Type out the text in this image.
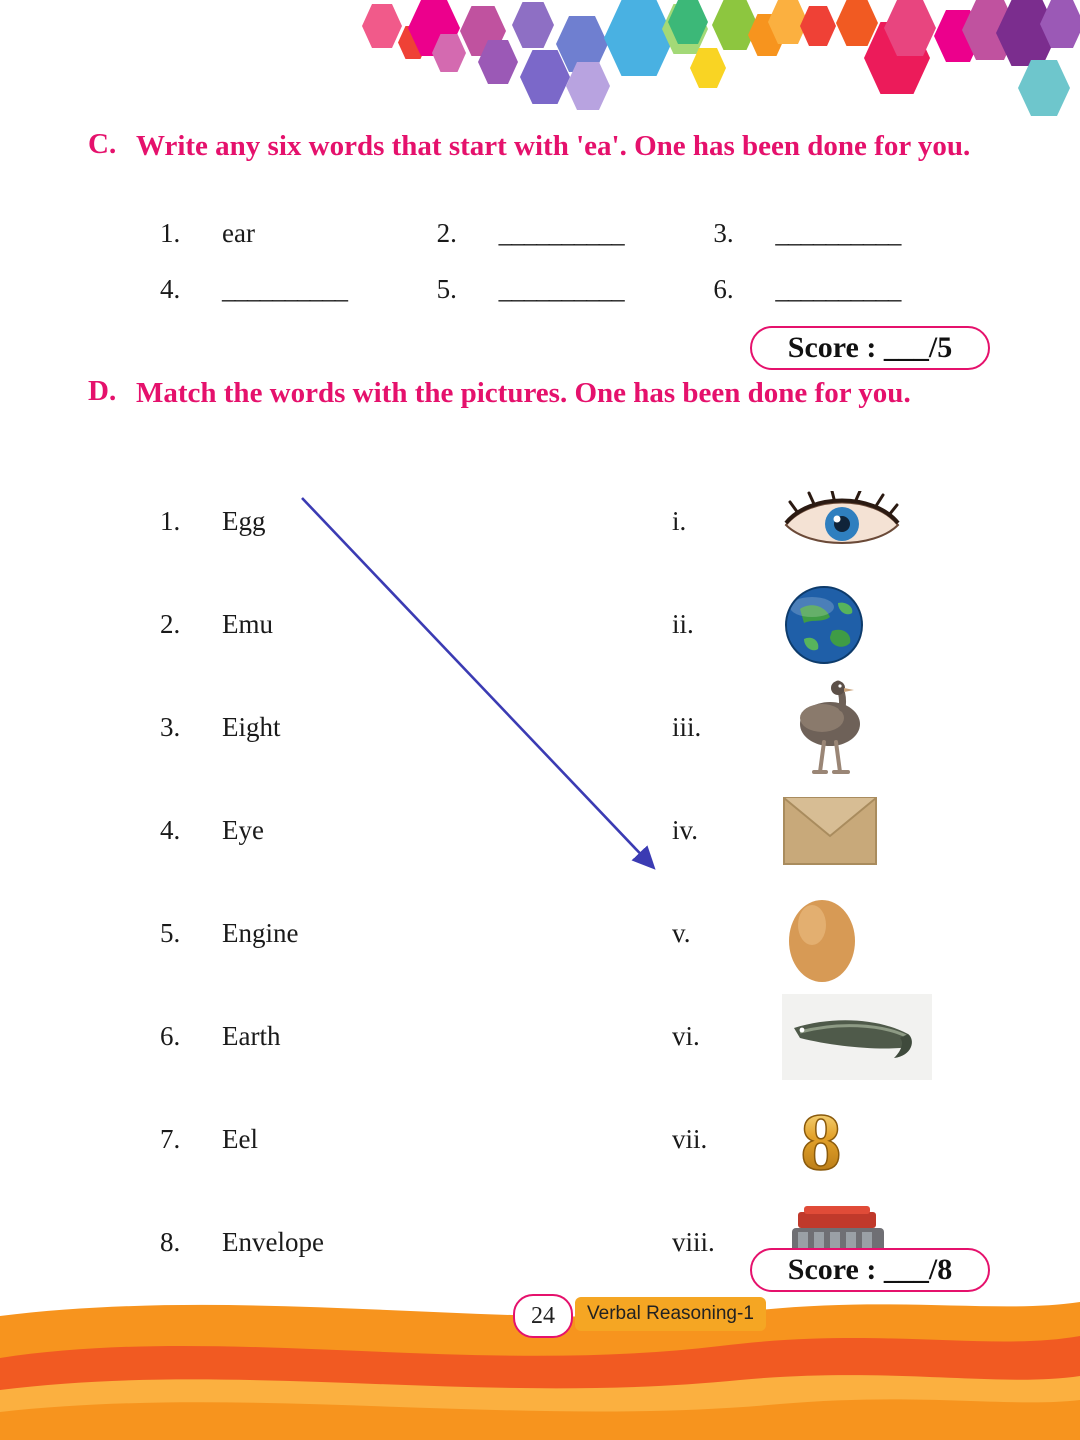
C. Write any six words that start with 'ea'. One has been done for you.
1.	ear	2.	__________	3.	__________
4.	__________	5.	__________	6.	__________
Score : ___/5
D. Match the words with the pictures. One has been done for you.
1.	Egg	i.
2.	Emu	ii.
3.	Eight	iii.
4.	Eye	iv.
5.	Engine	v.
6.	Earth	vi.
7.	Eel	vii.	8
8.	Envelope	viii.
Score : ___/8
24	Verbal Reasoning-1
